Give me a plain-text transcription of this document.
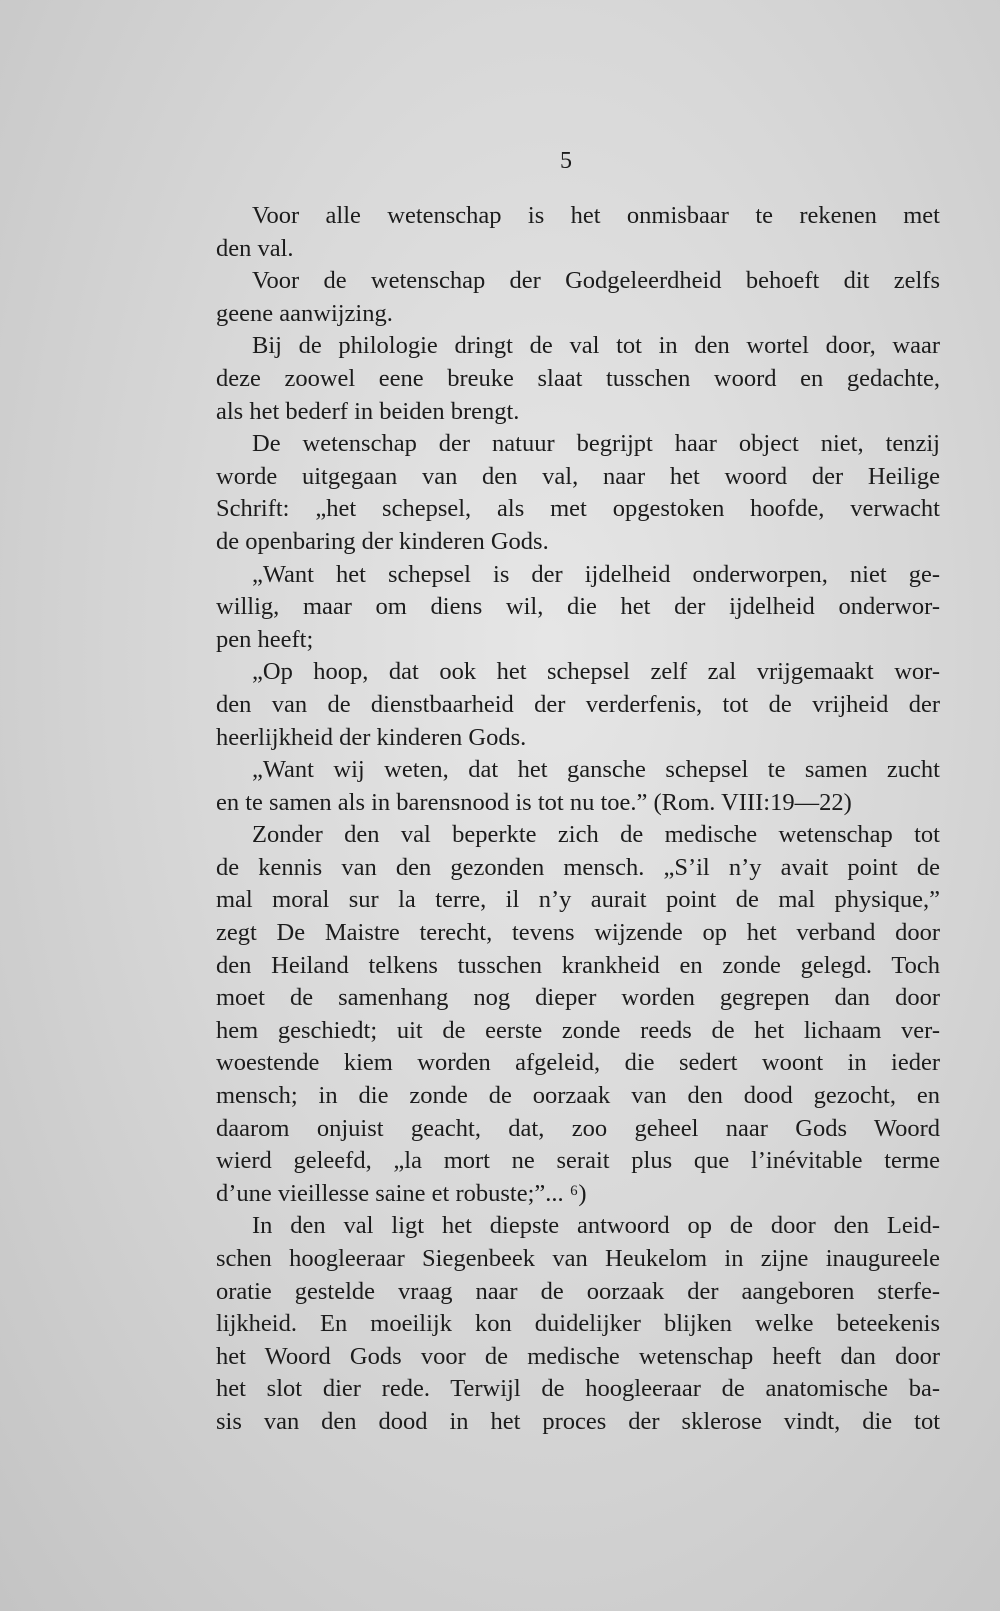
5
Voor alle wetenschap is het onmisbaar te rekenen met
den val.
Voor de wetenschap der Godgeleerdheid behoeft dit zelfs
geene aanwijzing.
Bij de philologie dringt de val tot in den wortel door, waar
deze zoowel eene breuke slaat tusschen woord en gedachte,
als het bederf in beiden brengt.
De wetenschap der natuur begrijpt haar object niet, tenzij
worde uitgegaan van den val, naar het woord der Heilige
Schrift: „het schepsel, als met opgestoken hoofde, verwacht
de openbaring der kinderen Gods.
„Want het schepsel is der ijdelheid onderworpen, niet ge-
willig, maar om diens wil, die het der ijdelheid onderwor-
pen heeft;
„Op hoop, dat ook het schepsel zelf zal vrijgemaakt wor-
den van de dienstbaarheid der verderfenis, tot de vrijheid der
heerlijkheid der kinderen Gods.
„Want wij weten, dat het gansche schepsel te samen zucht
en te samen als in barensnood is tot nu toe.” (Rom. VIII:19—22)
Zonder den val beperkte zich de medische wetenschap tot
de kennis van den gezonden mensch. „S’il n’y avait point de
mal moral sur la terre, il n’y aurait point de mal physique,”
zegt De Maistre terecht, tevens wijzende op het verband door
den Heiland telkens tusschen krankheid en zonde gelegd. Toch
moet de samenhang nog dieper worden gegrepen dan door
hem geschiedt; uit de eerste zonde reeds de het lichaam ver-
woestende kiem worden afgeleid, die sedert woont in ieder
mensch; in die zonde de oorzaak van den dood gezocht, en
daarom onjuist geacht, dat, zoo geheel naar Gods Woord
wierd geleefd, „la mort ne serait plus que l’inévitable terme
d’une vieillesse saine et robuste;”... ⁶)
In den val ligt het diepste antwoord op de door den Leid-
schen hoogleeraar Siegenbeek van Heukelom in zijne inaugureele
oratie gestelde vraag naar de oorzaak der aangeboren sterfe-
lijkheid. En moeilijk kon duidelijker blijken welke beteekenis
het Woord Gods voor de medische wetenschap heeft dan door
het slot dier rede. Terwijl de hoogleeraar de anatomische ba-
sis van den dood in het proces der sklerose vindt, die tot
